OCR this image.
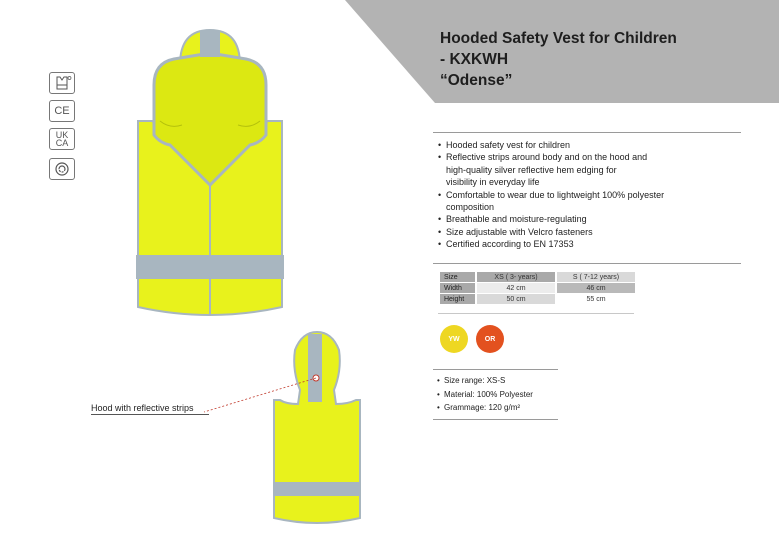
Hooded Safety Vest for Children
- KXKWH
“Odense”
CE
UK
CA
Hood with reflective strips
• Hooded safety vest for children
• Reflective strips around body and on the hood and
high-quality silver reflective hem edging for
visibility in everyday life
• Comfortable to wear due to lightweight 100% polyester
composition
• Breathable and moisture-regulating
• Size adjustable with Velcro fasteners
• Certified according to EN 17353
Size	XS ( 3- years)	S ( 7-12 years)
Width	42 cm	46 cm
Height	50 cm	55 cm
YW	OR
• Size range: XS-S
• Material: 100% Polyester
• Grammage: 120 g/m²
